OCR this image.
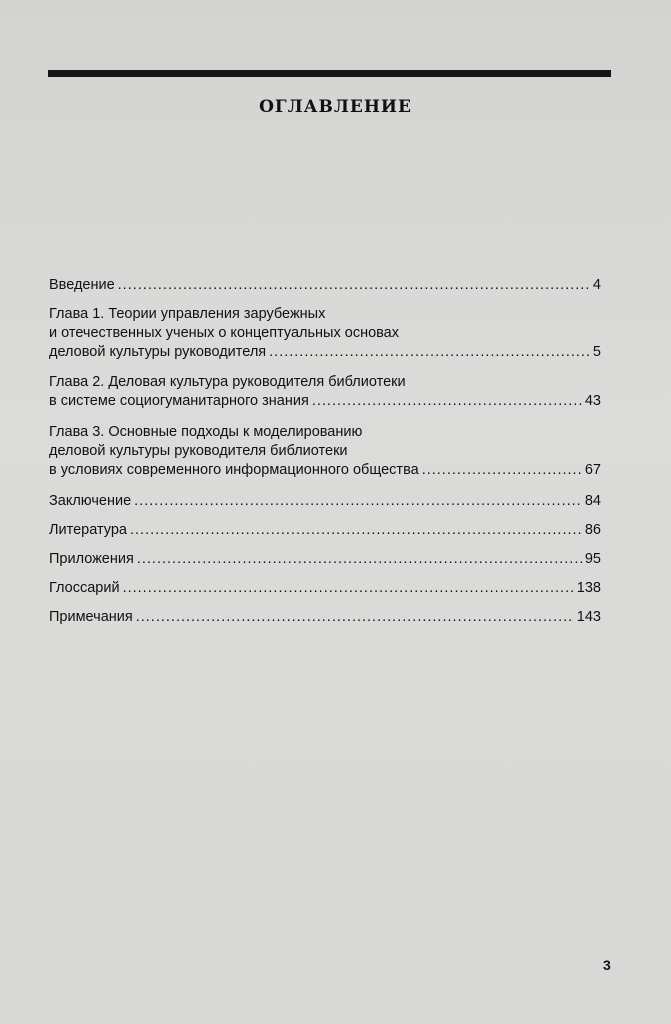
ОГЛАВЛЕНИЕ
Введение .....	4
Глава 1. Теории управления зарубежных
и отечественных ученых о концептуальных основах
деловой культуры руководителя .....	5
Глава 2. Деловая культура руководителя библиотеки
в системе социогуманитарного знания .....	43
Глава 3. Основные подходы к моделированию
деловой культуры руководителя библиотеки
в условиях современного информационного общества .....	67
Заключение .....	84
Литература .....	86
Приложения .....	95
Глоссарий .....	138
Примечания .....	143
3
